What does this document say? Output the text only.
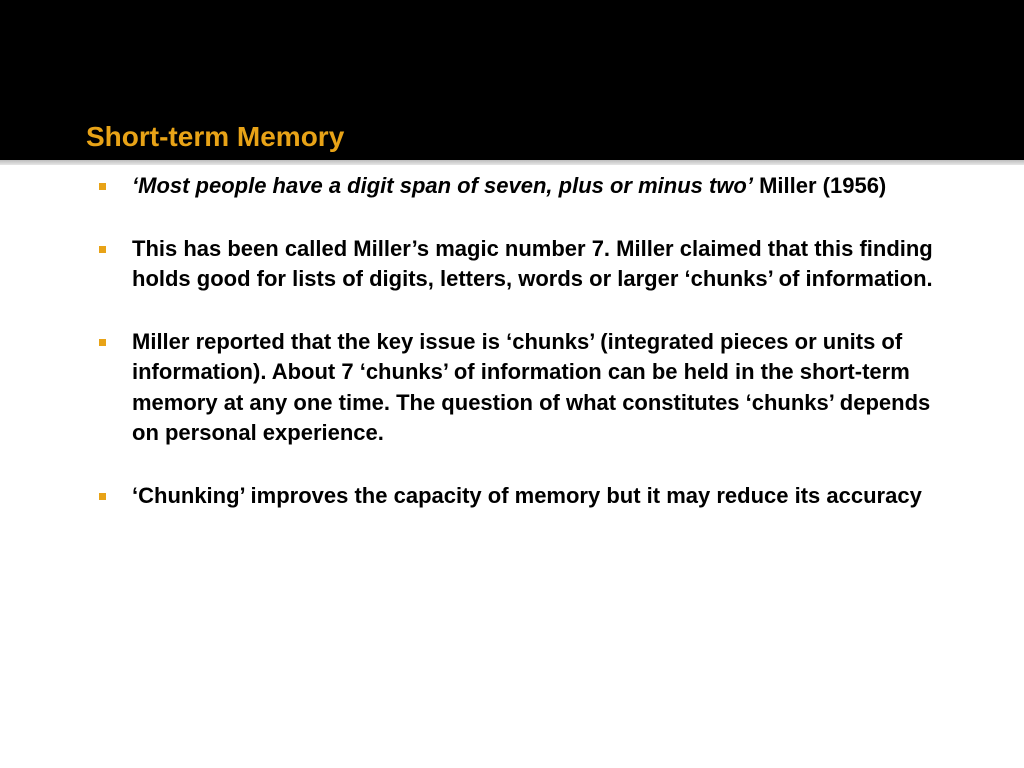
Short-term Memory
‘Most people have a digit span of seven, plus or minus two’ Miller (1956)
This has been called Miller’s magic number 7. Miller claimed that this finding holds good for lists of digits, letters, words or larger ‘chunks’ of information.
Miller reported that the key issue is ‘chunks’ (integrated pieces or units of information). About 7 ‘chunks’ of information can be held in the short-term memory at any one time. The question of what constitutes ‘chunks’ depends on personal experience.
‘Chunking’ improves the capacity of memory but it may reduce its accuracy
